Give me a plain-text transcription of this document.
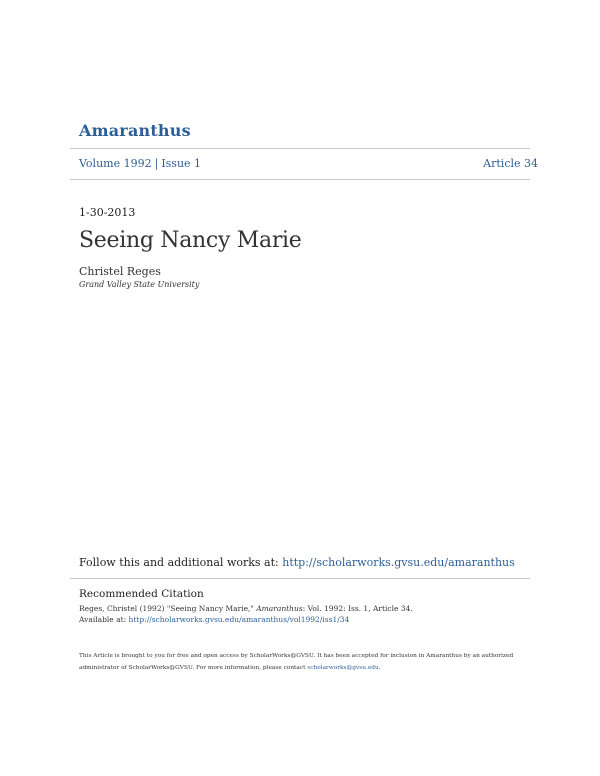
Amaranthus
Volume 1992 | Issue 1	Article 34
1-30-2013
Seeing Nancy Marie
Christel Reges
Grand Valley State University
Follow this and additional works at: http://scholarworks.gvsu.edu/amaranthus
Recommended Citation
Reges, Christel (1992) "Seeing Nancy Marie," Amaranthus: Vol. 1992: Iss. 1, Article 34.
Available at: http://scholarworks.gvsu.edu/amaranthus/vol1992/iss1/34
This Article is brought to you for free and open access by ScholarWorks@GVSU. It has been accepted for inclusion in Amaranthus by an authorized
administrator of ScholarWorks@GVSU. For more information, please contact scholarworks@gvsu.edu.
